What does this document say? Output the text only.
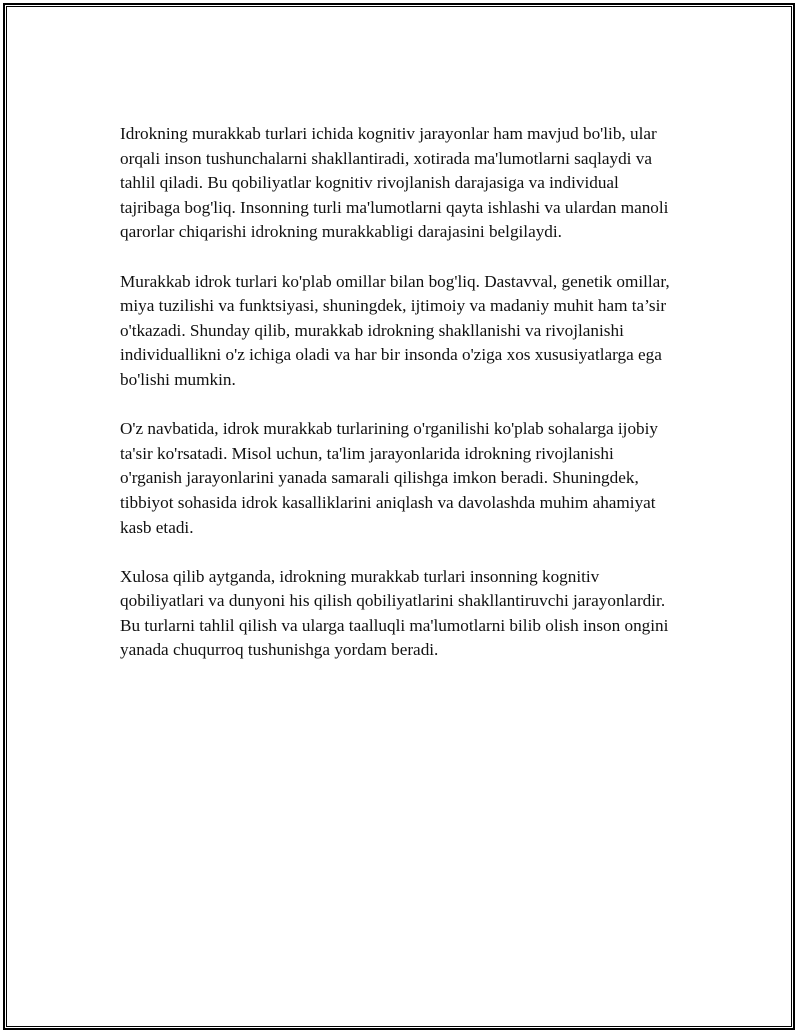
Idrokning murakkab turlari ichida kognitiv jarayonlar ham mavjud bo'lib, ular orqali inson tushunchalarni shakllantiradi, xotirada ma'lumotlarni saqlaydi va tahlil qiladi. Bu qobiliyatlar kognitiv rivojlanish darajasiga va individual tajribaga bog'liq. Insonning turli ma'lumotlarni qayta ishlashi va ulardan manoli qarorlar chiqarishi idrokning murakkabligi darajasini belgilaydi.

Murakkab idrok turlari ko'plab omillar bilan bog'liq. Dastavval, genetik omillar, miya tuzilishi va funktsiyasi, shuningdek, ijtimoiy va madaniy muhit ham ta’sir o'tkazadi. Shunday qilib, murakkab idrokning shakllanishi va rivojlanishi individuallikni o'z ichiga oladi va har bir insonda o'ziga xos xususiyatlarga ega bo'lishi mumkin.

O'z navbatida, idrok murakkab turlarining o'rganilishi ko'plab sohalarga ijobiy ta'sir ko'rsatadi. Misol uchun, ta'lim jarayonlarida idrokning rivojlanishi o'rganish jarayonlarini yanada samarali qilishga imkon beradi. Shuningdek, tibbiyot sohasida idrok kasalliklarini aniqlash va davolashda muhim ahamiyat kasb etadi.

Xulosa qilib aytganda, idrokning murakkab turlari insonning kognitiv qobiliyatlari va dunyoni his qilish qobiliyatlarini shakllantiruvchi jarayonlardir. Bu turlarni tahlil qilish va ularga taalluqli ma'lumotlarni bilib olish inson ongini yanada chuqurroq tushunishga yordam beradi.
